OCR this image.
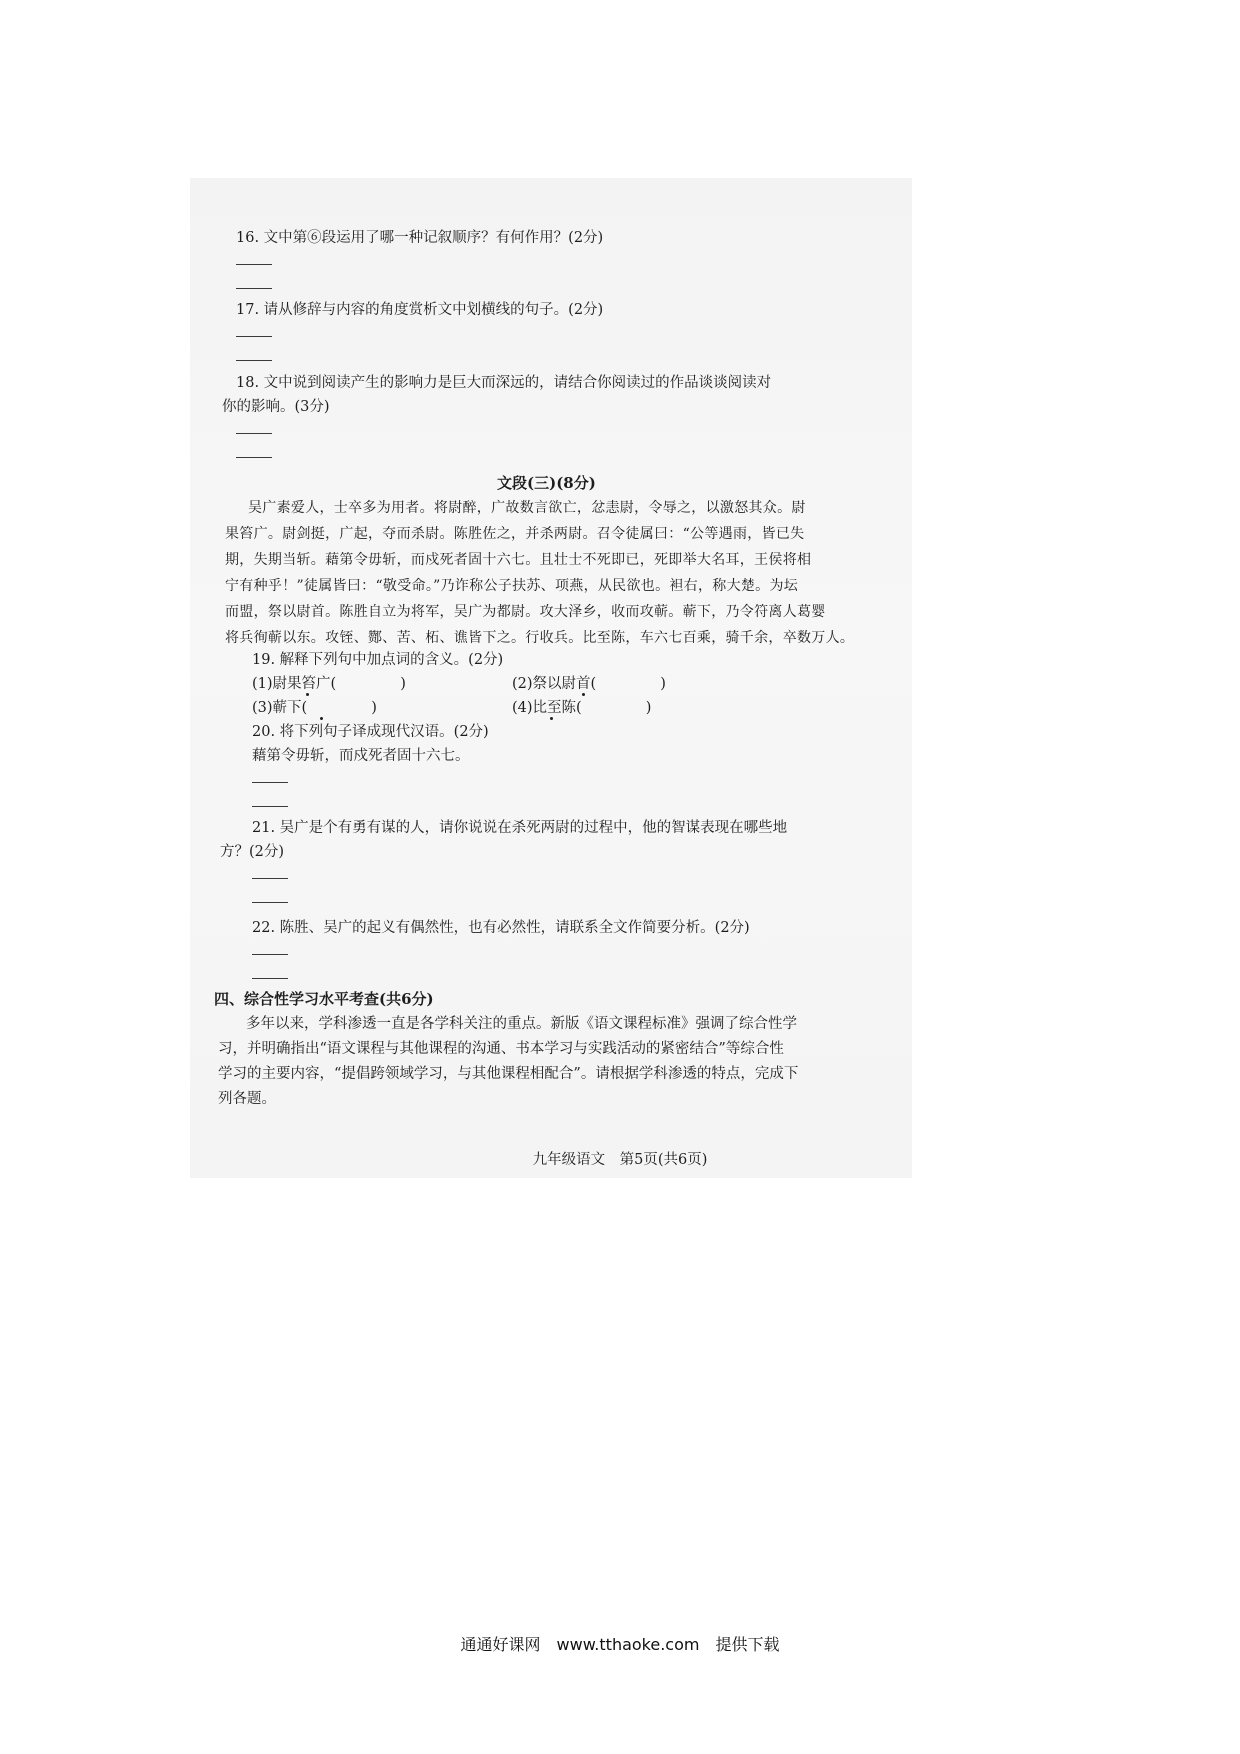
16. 文中第⑥段运用了哪一种记叙顺序？有何作用？(2分)
17. 请从修辞与内容的角度赏析文中划横线的句子。(2分)
18. 文中说到阅读产生的影响力是巨大而深远的，请结合你阅读过的作品谈谈阅读对
你的影响。(3分)
文段(三)(8分)
吴广素爱人，士卒多为用者。将尉醉，广故数言欲亡，忿恚尉，令辱之，以激怒其众。尉
果笞广。尉剑挺，广起，夺而杀尉。陈胜佐之，并杀两尉。召令徒属曰：“公等遇雨，皆已失
期，失期当斩。藉第令毋斩，而戍死者固十六七。且壮士不死即已，死即举大名耳，王侯将相
宁有种乎！”徒属皆曰：“敬受命。”乃诈称公子扶苏、项燕，从民欲也。袒右，称大楚。为坛
而盟，祭以尉首。陈胜自立为将军，吴广为都尉。攻大泽乡，收而攻蕲。蕲下，乃令符离人葛婴
将兵徇蕲以东。攻铚、酂、苦、柘、谯皆下之。行收兵。比至陈，车六七百乘，骑千余，卒数万人。
19. 解释下列句中加点词的含义。(2分)
(1)尉果笞广(	)	(2)祭以尉首(	)
(3)蕲下(	)	(4)比至陈(	)
20. 将下列句子译成现代汉语。(2分)
藉第令毋斩，而戍死者固十六七。
21. 吴广是个有勇有谋的人，请你说说在杀死两尉的过程中，他的智谋表现在哪些地
方？(2分)
22. 陈胜、吴广的起义有偶然性，也有必然性，请联系全文作简要分析。(2分)
四、综合性学习水平考查(共6分)
多年以来，学科渗透一直是各学科关注的重点。新版《语文课程标准》强调了综合性学
习，并明确指出“语文课程与其他课程的沟通、书本学习与实践活动的紧密结合”等综合性
学习的主要内容，“提倡跨领域学习，与其他课程相配合”。请根据学科渗透的特点，完成下
列各题。
九年级语文　第5页(共6页)
通通好课网　www.tthaoke.com　提供下载
